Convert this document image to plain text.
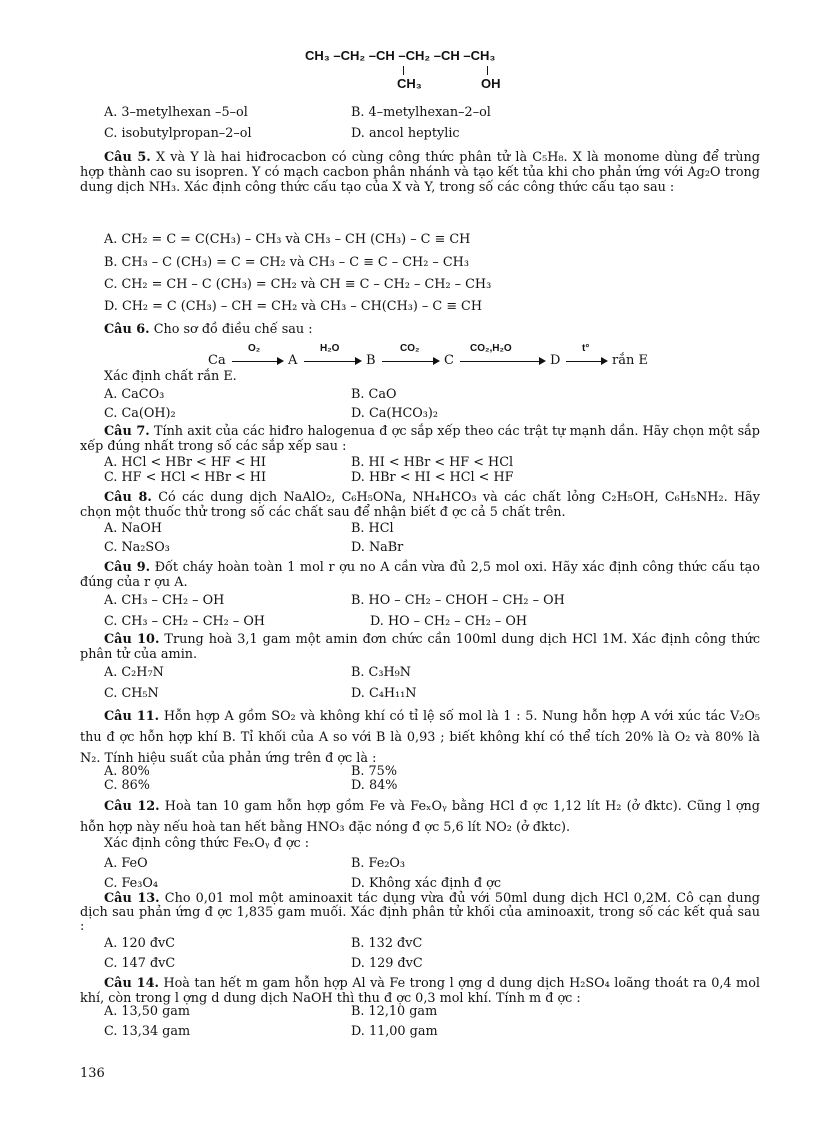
CH₃ –CH₂ –CH –CH₂ –CH –CH₃
CH₃	OH
A. 3–metylhexan –5–ol	B. 4–metylhexan–2–ol
C. isobutylpropan–2–ol	D. ancol heptylic
Câu 5. X và Y là hai hiđrocacbon có cùng công thức phân tử là C₅H₈. X là monome dùng để trùng hợp thành cao su isopren. Y có mạch cacbon phân nhánh và tạo kết tủa khi cho phản ứng với Ag₂O trong dung dịch NH₃. Xác định công thức cấu tạo của X và Y, trong số các công thức cấu tạo sau :
A. CH₂ = C = C(CH₃) – CH₃ và CH₃ – CH (CH₃) – C ≡ CH
B. CH₃ – C (CH₃) = C = CH₂ và CH₃ – C ≡ C – CH₂ – CH₃
C. CH₂ = CH – C (CH₃) = CH₂ và CH ≡ C – CH₂ – CH₂ – CH₃
D. CH₂ = C (CH₃) – CH = CH₂ và CH₃ – CH(CH₃) – C ≡ CH
Câu 6. Cho sơ đồ điều chế sau :
Ca
O₂
A
H₂O
B
CO₂
C
CO₂,H₂O
D
t°
rắn E
Xác định chất rắn E.
A. CaCO₃	B. CaO
C. Ca(OH)₂	D. Ca(HCO₃)₂
Câu 7. Tính axit của các hiđro halogenua đ ợc sắp xếp theo các trật tự mạnh dần. Hãy chọn một sắp xếp đúng nhất trong số các sắp xếp sau :
A. HCl < HBr < HF < HI	B. HI < HBr < HF < HCl
C. HF < HCl < HBr < HI	D. HBr < HI < HCl < HF
Câu 8. Có các dung dịch NaAlO₂, C₆H₅ONa, NH₄HCO₃ và các chất lỏng C₂H₅OH, C₆H₅NH₂. Hãy chọn một thuốc thử trong số các chất sau để nhận biết đ ợc cả 5 chất trên.
A. NaOH	B. HCl
C. Na₂SO₃	D. NaBr
Câu 9. Đốt cháy hoàn toàn 1 mol r ợu no A cần vừa đủ 2,5 mol oxi. Hãy xác định công thức cấu tạo đúng của r ợu A.
A. CH₃ – CH₂ – OH	B. HO – CH₂ – CHOH – CH₂ – OH
C. CH₃ – CH₂ – CH₂ – OH	D. HO – CH₂ – CH₂ – OH
Câu 10. Trung hoà 3,1 gam một amin đơn chức cần 100ml dung dịch HCl 1M. Xác định công thức phân tử của amin.
A. C₂H₇N	B. C₃H₉N
C. CH₅N	D. C₄H₁₁N
Câu 11. Hỗn hợp A gồm SO₂ và không khí có tỉ lệ số mol là 1 : 5. Nung hỗn hợp A với xúc tác V₂O₅ thu đ ợc hỗn hợp khí B. Tỉ khối của A so với B là 0,93 ; biết không khí có thể tích 20% là O₂ và 80% là N₂. Tính hiệu suất của phản ứng trên đ ợc là :
A. 80%	B. 75%
C. 86%	D. 84%
Câu 12. Hoà tan 10 gam hỗn hợp gồm Fe và FeₓOᵧ bằng HCl đ ợc 1,12 lít H₂ (ở đktc). Cũng l ợng hỗn hợp này nếu hoà tan hết bằng HNO₃ đặc nóng đ ợc 5,6 lít NO₂ (ở đktc).
Xác định công thức FeₓOᵧ đ ợc :
A. FeO	B. Fe₂O₃
C. Fe₃O₄	D. Không xác định đ ợc
Câu 13. Cho 0,01 mol một aminoaxit tác dụng vừa đủ với 50ml dung dịch HCl 0,2M. Cô cạn dung dịch sau phản ứng đ ợc 1,835 gam muối. Xác định phân tử khối của aminoaxit, trong số các kết quả sau :
A. 120 đvC	B. 132 đvC
C. 147 đvC	D. 129 đvC
Câu 14. Hoà tan hết m gam hỗn hợp Al và Fe trong l ợng d dung dịch H₂SO₄ loãng thoát ra 0,4 mol khí, còn trong l ợng d dung dịch NaOH thì thu đ ợc 0,3 mol khí. Tính m đ ợc :
A. 13,50 gam	B. 12,10 gam
C. 13,34 gam	D. 11,00 gam
136
